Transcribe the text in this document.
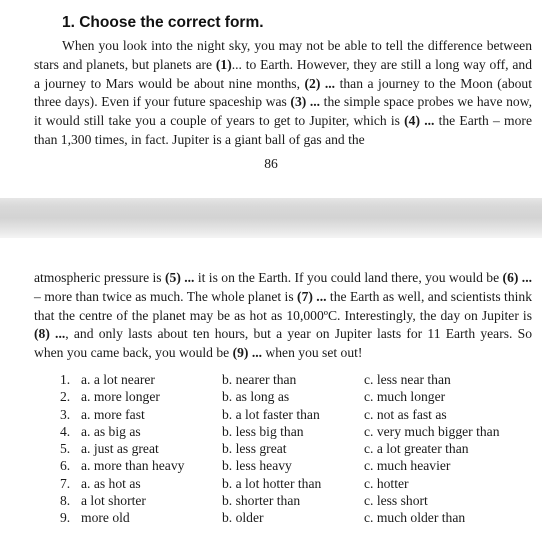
1. Choose the correct form.

When you look into the night sky, you may not be able to tell the difference between stars and planets, but planets are (1)... to Earth. However, they are still a long way off, and a journey to Mars would be about nine months, (2) ... than a journey to the Moon (about three days). Even if your future spaceship was (3) ... the simple space probes we have now, it would still take you a couple of years to get to Jupiter, which is (4) ... the Earth – more than 1,300 times, in fact. Jupiter is a giant ball of gas and the

86

atmospheric pressure is (5) ... it is on the Earth. If you could land there, you would be (6) ... – more than twice as much. The whole planet is (7) ... the Earth as well, and scientists think that the centre of the planet may be as hot as 10,000ºC. Interestingly, the day on Jupiter is (8) ..., and only lasts about ten hours, but a year on Jupiter lasts for 11 Earth years. So when you came back, you would be (9) ... when you set out!

1. a. a lot nearer	b. nearer than	c. less near than
2. a. more longer	b. as long as	c. much longer
3. a. more fast	b. a lot faster than	c. not as fast as
4. a. as big as	b. less big than	c. very much bigger than
5. a. just as great	b. less great	c. a lot greater than
6. a. more than heavy	b. less heavy	c. much heavier
7. a. as hot as	b. a lot hotter than	c. hotter
8. a lot shorter	b. shorter than	c. less short
9. more old	b. older	c. much older than
